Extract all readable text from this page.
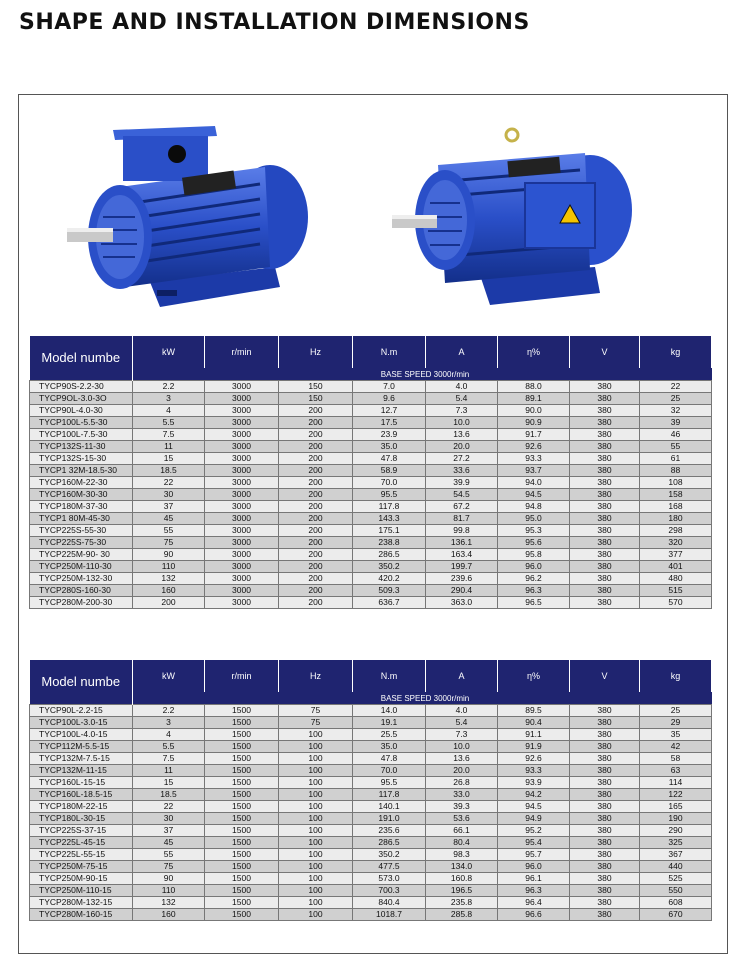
SHAPE AND INSTALLATION DIMENSIONS
Model numbe	kW	r/min	Hz	N.m	A	η%	V	kg
				BASE SPEED 3000r/min				
TYCP90S-2.2-30	2.2	3000	150	7.0	4.0	88.0	380	22
TYCP9OL-3.0-3O	3	3000	150	9.6	5.4	89.1	380	25
TYCP90L-4.0-30	4	3000	200	12.7	7.3	90.0	380	32
TYCP100L-5.5-30	5.5	3000	200	17.5	10.0	90.9	380	39
TYCP100L-7.5-30	7.5	3000	200	23.9	13.6	91.7	380	46
TYCP132S-11-30	11	3000	200	35.0	20.0	92.6	380	55
TYCP132S-15-30	15	3000	200	47.8	27.2	93.3	380	61
TYCP1 32M-18.5-30	18.5	3000	200	58.9	33.6	93.7	380	88
TYCP160M-22-30	22	3000	200	70.0	39.9	94.0	380	108
TYCP160M-30-30	30	3000	200	95.5	54.5	94.5	380	158
TYCP180M-37-30	37	3000	200	117.8	67.2	94.8	380	168
TYCP1 80M-45-30	45	3000	200	143.3	81.7	95.0	380	180
TYCP225S-55-30	55	3000	200	175.1	99.8	95.3	380	298
TYCP225S-75-30	75	3000	200	238.8	136.1	95.6	380	320
TYCP225M-90- 30	90	3000	200	286.5	163.4	95.8	380	377
TYCP250M-110-30	110	3000	200	350.2	199.7	96.0	380	401
TYCP250M-132-30	132	3000	200	420.2	239.6	96.2	380	480
TYCP280S-160-30	160	3000	200	509.3	290.4	96.3	380	515
TYCP280M-200-30	200	3000	200	636.7	363.0	96.5	380	570
Model numbe	kW	r/min	Hz	N.m	A	η%	V	kg
				BASE SPEED 3000r/min				
TYCP90L-2.2-15	2.2	1500	75	14.0	4.0	89.5	380	25
TYCP100L-3.0-15	3	1500	75	19.1	5.4	90.4	380	29
TYCP100L-4.0-15	4	1500	100	25.5	7.3	91.1	380	35
TYCP112M-5.5-15	5.5	1500	100	35.0	10.0	91.9	380	42
TYCP132M-7.5-15	7.5	1500	100	47.8	13.6	92.6	380	58
TYCP132M-11-15	11	1500	100	70.0	20.0	93.3	380	63
TYCP160L-15-15	15	1500	100	95.5	26.8	93.9	380	114
TYCP160L-18.5-15	18.5	1500	100	117.8	33.0	94.2	380	122
TYCP180M-22-15	22	1500	100	140.1	39.3	94.5	380	165
TYCP180L-30-15	30	1500	100	191.0	53.6	94.9	380	190
TYCP225S-37-15	37	1500	100	235.6	66.1	95.2	380	290
TYCP225L-45-15	45	1500	100	286.5	80.4	95.4	380	325
TYCP225L-55-15	55	1500	100	350.2	98.3	95.7	380	367
TYCP250M-75-15	75	1500	100	477.5	134.0	96.0	380	440
TYCP250M-90-15	90	1500	100	573.0	160.8	96.1	380	525
TYCP250M-110-15	110	1500	100	700.3	196.5	96.3	380	550
TYCP280M-132-15	132	1500	100	840.4	235.8	96.4	380	608
TYCP280M-160-15	160	1500	100	1018.7	285.8	96.6	380	670
